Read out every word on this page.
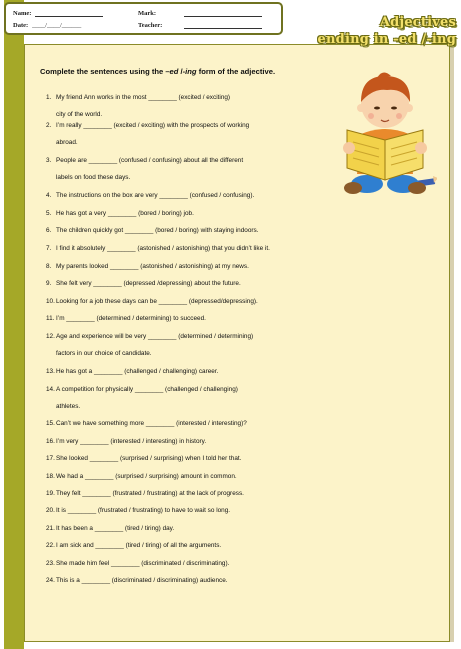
Name:
Date: ____/____/______
Mark:
Teacher:	Adjectives
ending in -ed /-ing
Complete the sentences using the –ed /-ing form of the adjective.
1. My friend Ann works in the most ________ (excited / exciting)
city of the world.
2. I’m really ________ (excited / exciting) with the prospects of working
abroad.
3. People are ________ (confused / confusing) about all the different
labels on food these days.
4. The instructions on the box are very ________ (confused / confusing).
5. He has got a very ________ (bored / boring) job.
6. The children quickly got ________ (bored / boring) with staying indoors.
7. I find it absolutely ________ (astonished / astonishing) that you didn’t like it.
8. My parents looked ________ (astonished / astonishing) at my news.
9. She felt very ________ (depressed /depressing) about the future.
10.Looking for a job these days can be ________ (depressed/depressing).
11. I’m ________ (determined / determining) to succeed.
12.Age and experience will be very ________ (determined / determining)
factors in our choice of candidate.
13.He has got a ________ (challenged / challenging) career.
14.A competition for physically ________ (challenged / challenging)
athletes.
15.Can’t we have something more ________ (interested / interesting)?
16.I’m very ________ (interested / interesting) in history.
17.She looked ________ (surprised / surprising) when I told her that.
18.We had a ________ (surprised / surprising) amount in common.
19.They felt ________ (frustrated / frustrating) at the lack of progress.
20.It is ________ (frustrated / frustrating) to have to wait so long.
21.It has been a ________ (tired / tiring) day.
22.I am sick and ________ (tired / tiring) of all the arguments.
23.She made him feel ________ (discriminated / discriminating).
24.This is a ________ (discriminated / discriminating) audience.
